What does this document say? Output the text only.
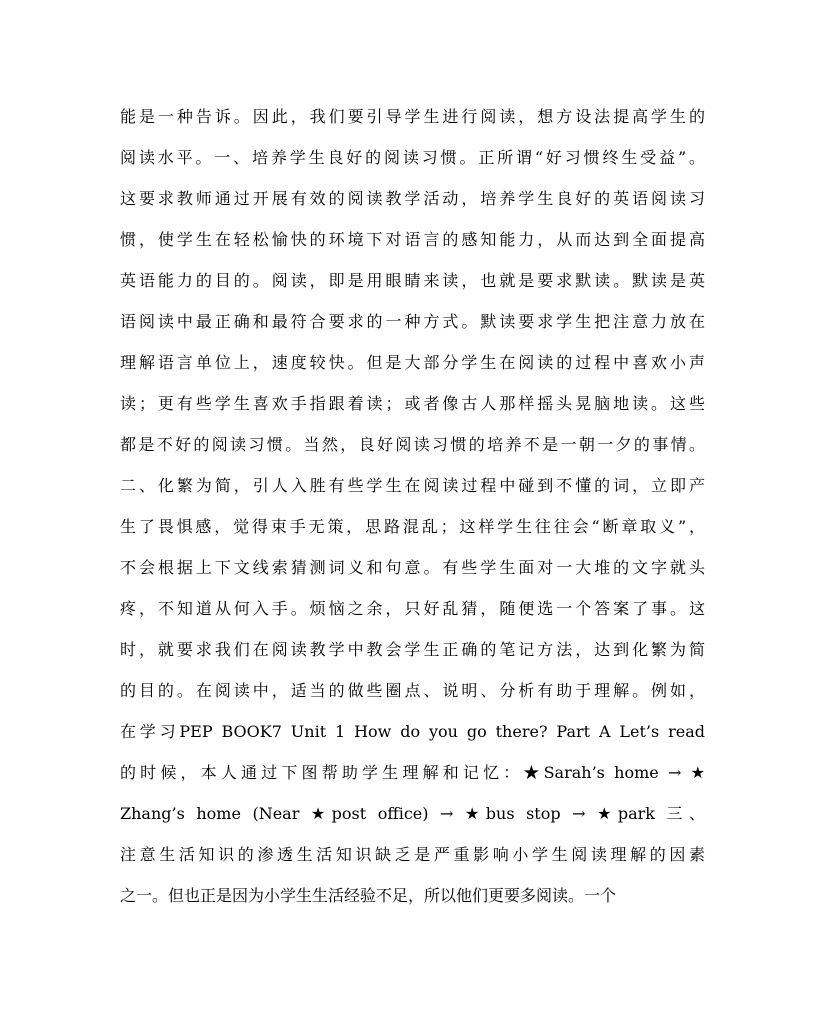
能是一种告诉。因此，我们要引导学生进行阅读，想方设法提高学生的
阅读水平。一、培养学生良好的阅读习惯。正所谓“好习惯终生受益”。
这要求教师通过开展有效的阅读教学活动，培养学生良好的英语阅读习
惯，使学生在轻松愉快的环境下对语言的感知能力，从而达到全面提高
英语能力的目的。阅读，即是用眼睛来读，也就是要求默读。默读是英
语阅读中最正确和最符合要求的一种方式。默读要求学生把注意力放在
理解语言单位上，速度较快。但是大部分学生在阅读的过程中喜欢小声
读；更有些学生喜欢手指跟着读；或者像古人那样摇头晃脑地读。这些
都是不好的阅读习惯。当然，良好阅读习惯的培养不是一朝一夕的事情。
二、化繁为简，引人入胜有些学生在阅读过程中碰到不懂的词，立即产
生了畏惧感，觉得束手无策，思路混乱；这样学生往往会“断章取义”，
不会根据上下文线索猜测词义和句意。有些学生面对一大堆的文字就头
疼，不知道从何入手。烦恼之余，只好乱猜，随便选一个答案了事。这
时，就要求我们在阅读教学中教会学生正确的笔记方法，达到化繁为简
的目的。在阅读中，适当的做些圈点、说明、分析有助于理解。例如，
在学习PEP BOOK7 Unit 1 How do you go there? Part A Let’s read
的时候，本人通过下图帮助学生理解和记忆：★Sarah’s home → ★
Zhang’s home (Near ★post office) → ★bus stop → ★park 三、
注意生活知识的渗透生活知识缺乏是严重影响小学生阅读理解的因素
之一。但也正是因为小学生生活经验不足，所以他们更要多阅读。一个
